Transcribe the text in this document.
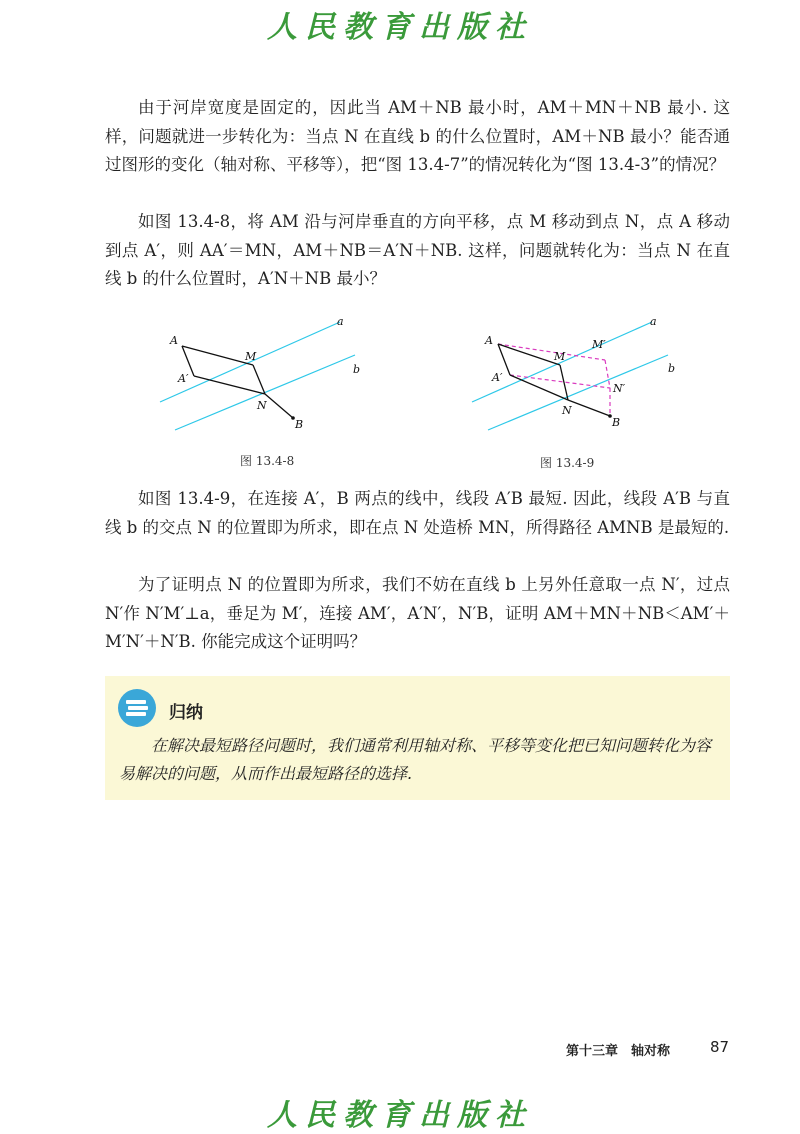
人民教育出版社

由于河岸宽度是固定的，因此当 AM＋NB 最小时，AM＋MN＋NB 最小. 这样，问题就进一步转化为：当点 N 在直线 b 的什么位置时，AM＋NB 最小？能否通过图形的变化（轴对称、平移等），把“图 13.4-7”的情况转化为“图 13.4-3”的情况？

如图 13.4-8，将 AM 沿与河岸垂直的方向平移，点 M 移动到点 N，点 A 移动到点 A′，则 AA′＝MN，AM＋NB＝A′N＋NB. 这样，问题就转化为：当点 N 在直线 b 的什么位置时，A′N＋NB 最小？

A
A′
M
N
B
a
b
图 13.4-8
A
A′
M
M′
N
N′
B
a
b
图 13.4-9

如图 13.4-9，在连接 A′，B 两点的线中，线段 A′B 最短. 因此，线段 A′B 与直线 b 的交点 N 的位置即为所求，即在点 N 处造桥 MN，所得路径 AMNB 是最短的.

为了证明点 N 的位置即为所求，我们不妨在直线 b 上另外任意取一点 N′，过点 N′作 N′M′⊥a，垂足为 M′，连接 AM′，A′N′，N′B，证明 AM＋MN＋NB＜AM′＋M′N′＋N′B. 你能完成这个证明吗？

归纳

在解决最短路径问题时，我们通常利用轴对称、平移等变化把已知问题转化为容易解决的问题，从而作出最短路径的选择.

第十三章　轴对称	87
人民教育出版社
